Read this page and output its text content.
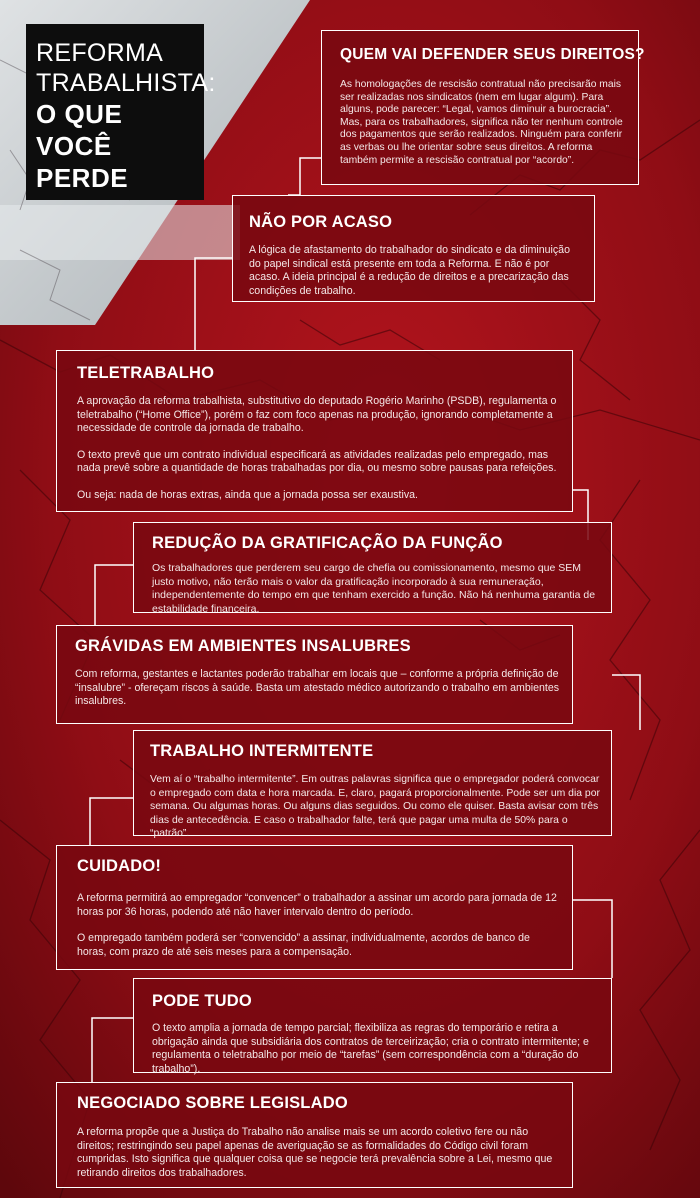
REFORMA
TRABALHISTA:
O QUE VOCÊ
PERDE
QUEM VAI DEFENDER SEUS DIREITOS?

As homologações de rescisão contratual não precisarão mais ser realizadas nos sindicatos (nem em lugar algum). Para alguns, pode parecer: “Legal, vamos diminuir a burocracia”. Mas, para os trabalhadores, significa não ter nenhum controle dos pagamentos que serão realizados. Ninguém para conferir as verbas ou lhe orientar sobre seus direitos. A reforma também permite a rescisão contratual por “acordo”.

NÃO POR ACASO

A lógica de afastamento do trabalhador do sindicato e da diminuição do papel sindical está presente em toda a Reforma. E não é por acaso. A ideia principal é a redução de direitos e a precarização das condições de trabalho.

TELETRABALHO

A aprovação da reforma trabalhista, substitutivo do deputado Rogério Marinho (PSDB), regulamenta o teletrabalho (“Home Office”), porém o faz com foco apenas na produção, ignorando completamente a necessidade de controle da jornada de trabalho.

O texto prevê que um contrato individual especificará as atividades realizadas pelo empregado, mas nada prevê sobre a quantidade de horas trabalhadas por dia, ou mesmo sobre pausas para refeições.

Ou seja: nada de horas extras, ainda que a jornada possa ser exaustiva.

REDUÇÃO DA GRATIFICAÇÃO DA FUNÇÃO

Os trabalhadores que perderem seu cargo de chefia ou comissionamento, mesmo que SEM justo motivo, não terão mais o valor da gratificação incorporado à sua remuneração, independentemente do tempo em que tenham exercido a função. Não há nenhuma garantia de estabilidade financeira.

GRÁVIDAS EM AMBIENTES INSALUBRES

Com reforma, gestantes e lactantes poderão trabalhar em locais que – conforme a própria definição de “insalubre” - ofereçam riscos à saúde. Basta um atestado médico autorizando o trabalho em ambientes insalubres.

TRABALHO INTERMITENTE

Vem aí o “trabalho intermitente”. Em outras palavras significa que o empregador poderá convocar o empregado com data e hora marcada. E, claro, pagará proporcionalmente. Pode ser um dia por semana. Ou algumas horas. Ou alguns dias seguidos. Ou como ele quiser. Basta avisar com três dias de antecedência. E caso o trabalhador falte, terá que pagar uma multa de 50% para o “patrão”.

CUIDADO!

A reforma permitirá ao empregador “convencer” o trabalhador a assinar um acordo para jornada de 12 horas por 36 horas, podendo até não haver intervalo dentro do período.

O empregado também poderá ser “convencido” a assinar, individualmente, acordos de banco de horas, com prazo de até seis meses para a compensação.

PODE TUDO

O texto amplia a jornada de tempo parcial; flexibiliza as regras do temporário e retira a obrigação ainda que subsidiária dos contratos de terceirização; cria o contrato intermitente; e regulamenta o teletrabalho por meio de “tarefas” (sem correspondência com a “duração do trabalho”).

NEGOCIADO SOBRE LEGISLADO

A reforma propõe que a Justiça do Trabalho não analise mais se um acordo coletivo fere ou não direitos; restringindo seu papel apenas de averiguação se as formalidades do Código civil foram cumpridas. Isto significa que qualquer coisa que se negocie terá prevalência sobre a Lei, mesmo que retirando direitos dos trabalhadores.
